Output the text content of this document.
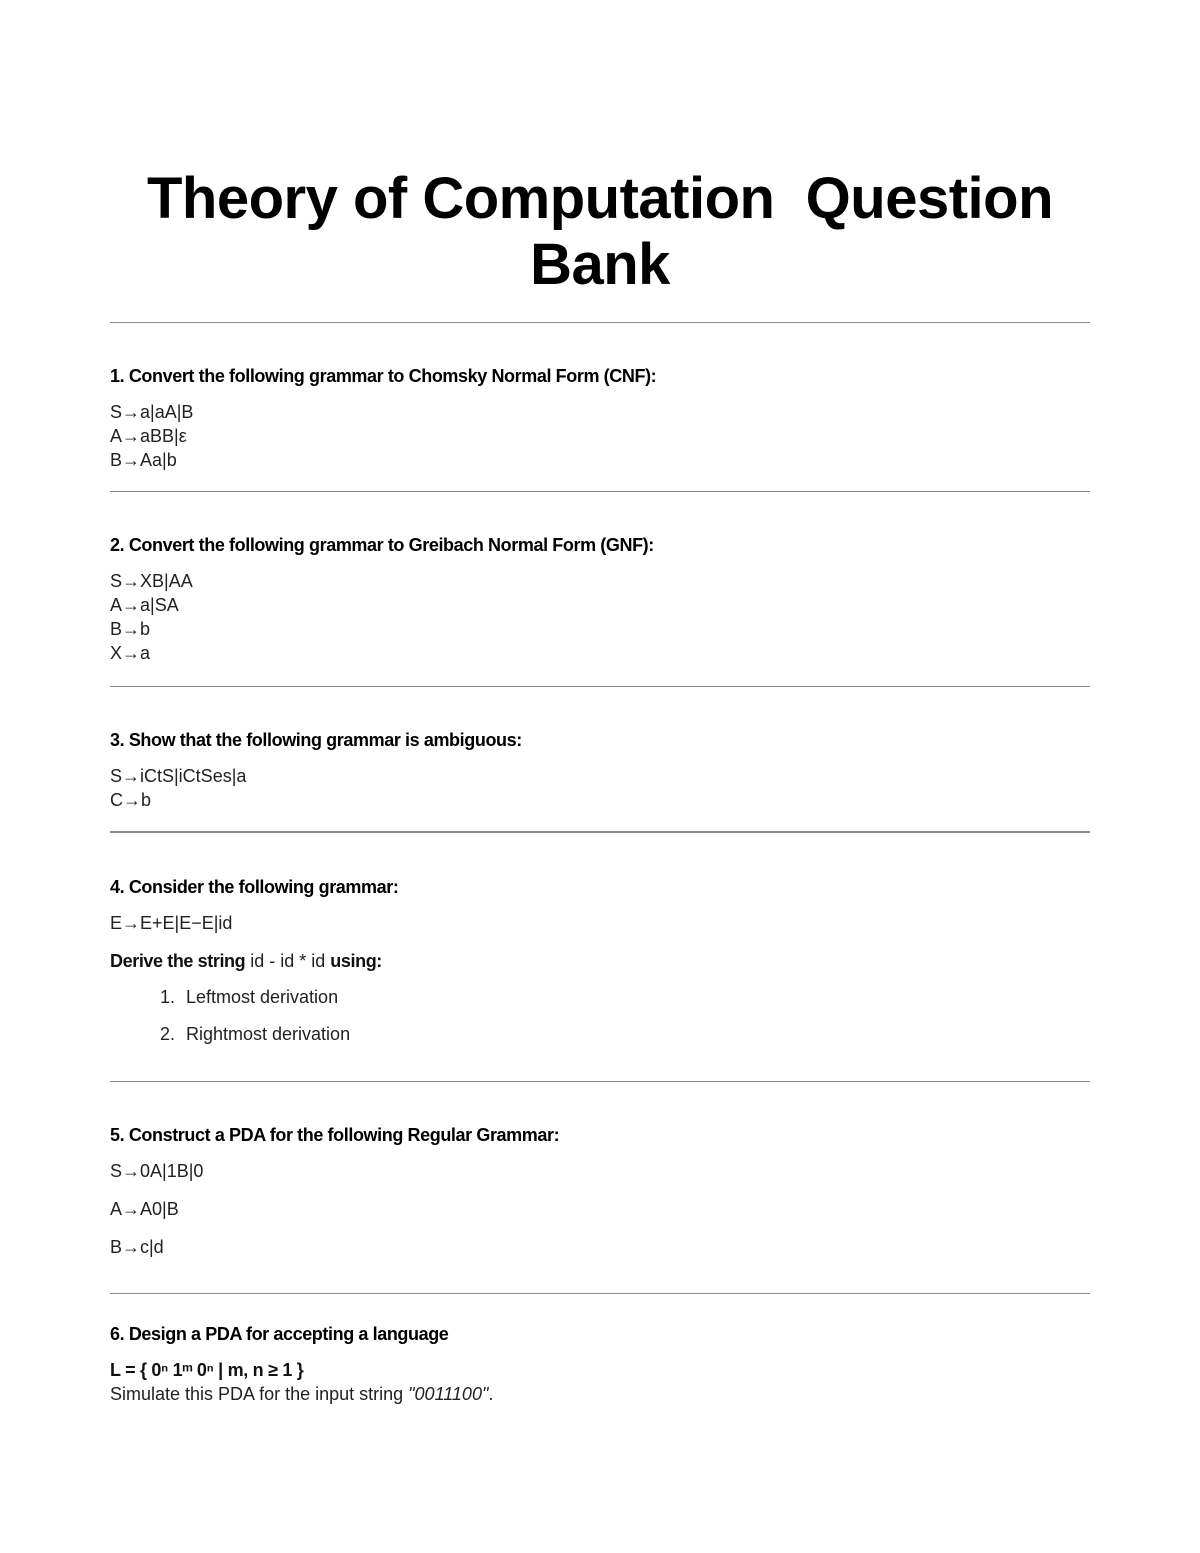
Theory of Computation  Question Bank

1. Convert the following grammar to Chomsky Normal Form (CNF):

S→a|aA|B
A→aBB|ε
B→Aa|b

2. Convert the following grammar to Greibach Normal Form (GNF):

S→XB|AA
A→a|SA
B→b
X→a

3. Show that the following grammar is ambiguous:

S→iCtS|iCtSes|a
C→b

4. Consider the following grammar:

E→E+E|E−E|id
Derive the string id - id * id using:
1. Leftmost derivation
2. Rightmost derivation

5. Construct a PDA for the following Regular Grammar:

S→0A|1B|0
A→A0|B
B→c|d

6. Design a PDA for accepting a language

L = { 0ⁿ 1ᵐ 0ⁿ | m, n ≥ 1 }
Simulate this PDA for the input string "0011100".
